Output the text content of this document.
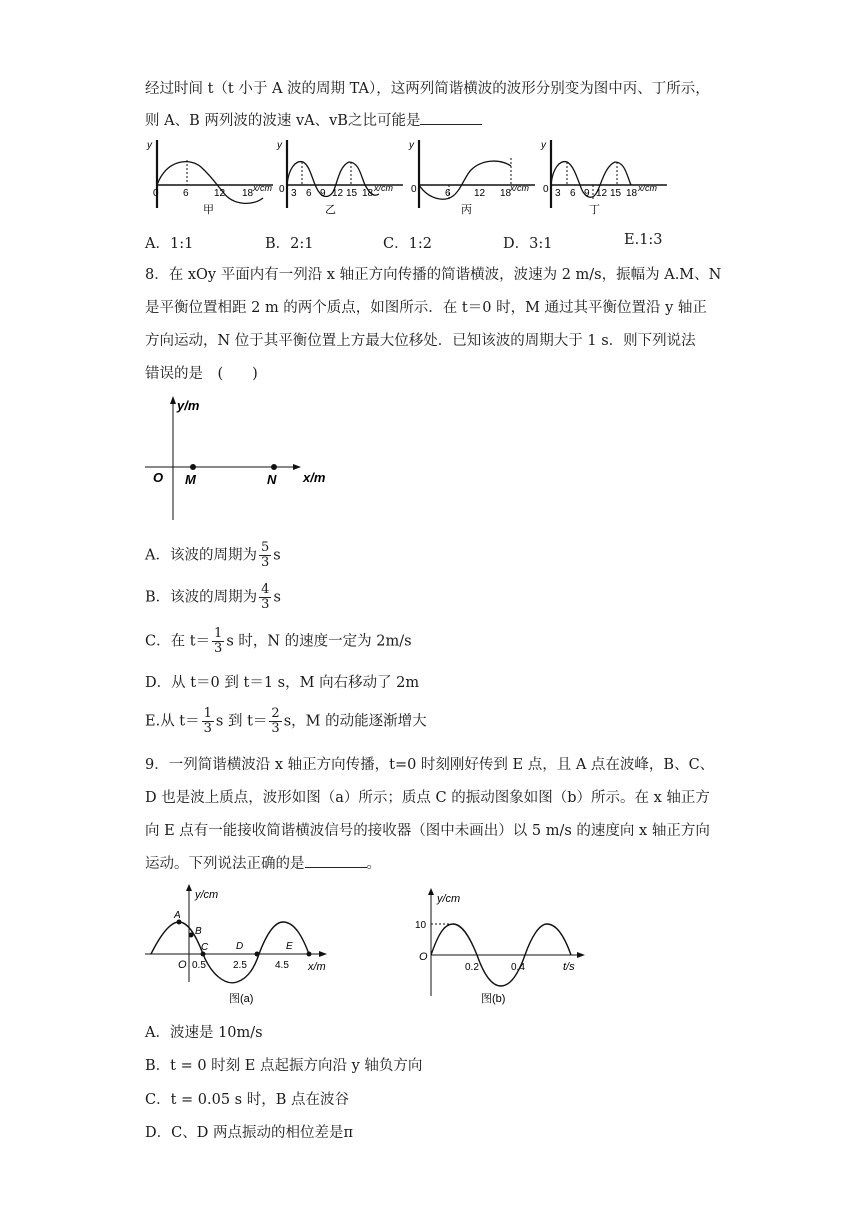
经过时间 t（t 小于 A 波的周期 TA），这两列简谐横波的波形分别变为图中丙、丁所示，
则 A、B 两列波的波速 vA、vB之比可能是
y
0 6	12 18 x/cm
甲
y
3 6 9 12 15 18 x/cm
乙
y
6 12 18
x/cm
丙
y
0 3 6 9 12 15 18 x/cm
丁
0	0
A．1:1	B．2:1	C．1:2	D．3:1	E.1:3
8．在 xOy 平面内有一列沿 x 轴正方向传播的简谐横波，波速为 2 m/s，振幅为 A.M、N
是平衡位置相距 2 m 的两个质点，如图所示．在 t＝0 时，M 通过其平衡位置沿 y 轴正
方向运动，N 位于其平衡位置上方最大位移处．已知该波的周期大于 1 s．则下列说法
错误的是　(　　)
y/m
x/m
O M	N
A．该波的周期为 $\frac{5}{3}$ s
B．该波的周期为 $\frac{4}{3}$ s
C．在 $t= \frac{1}{3}$ s 时，N 的速度一定为 2m/s
D．从 t＝0 到 t＝1 s，M 向右移动了 2m
E.从 $t= \frac{1}{3}$ s 到 $t= \frac{2}{3}$ s，M 的动能逐渐增大
9．一列简谐横波沿 x 轴正方向传播，t=0 时刻刚好传到 E 点，且 A 点在波峰，B、C、
D 也是波上质点，波形如图（a）所示；质点 C 的振动图象如图（b）所示。在 x 轴正方
向 E 点有一能接收简谐横波信号的接收器（图中未画出）以 5 m/s 的速度向 x 轴正方向
运动。下列说法正确的是	。
y/cm
x/m
O
A
B
C	D	E
0.5	2.5	4.5
图(a)
y/cm
t/s
O
10
0.2	0.4
图(b)
A．波速是 10m/s
B．t = 0 时刻 E 点起振方向沿 y 轴负方向
C．t = 0.05 s 时，B 点在波谷
D．C、D 两点振动的相位差是π
